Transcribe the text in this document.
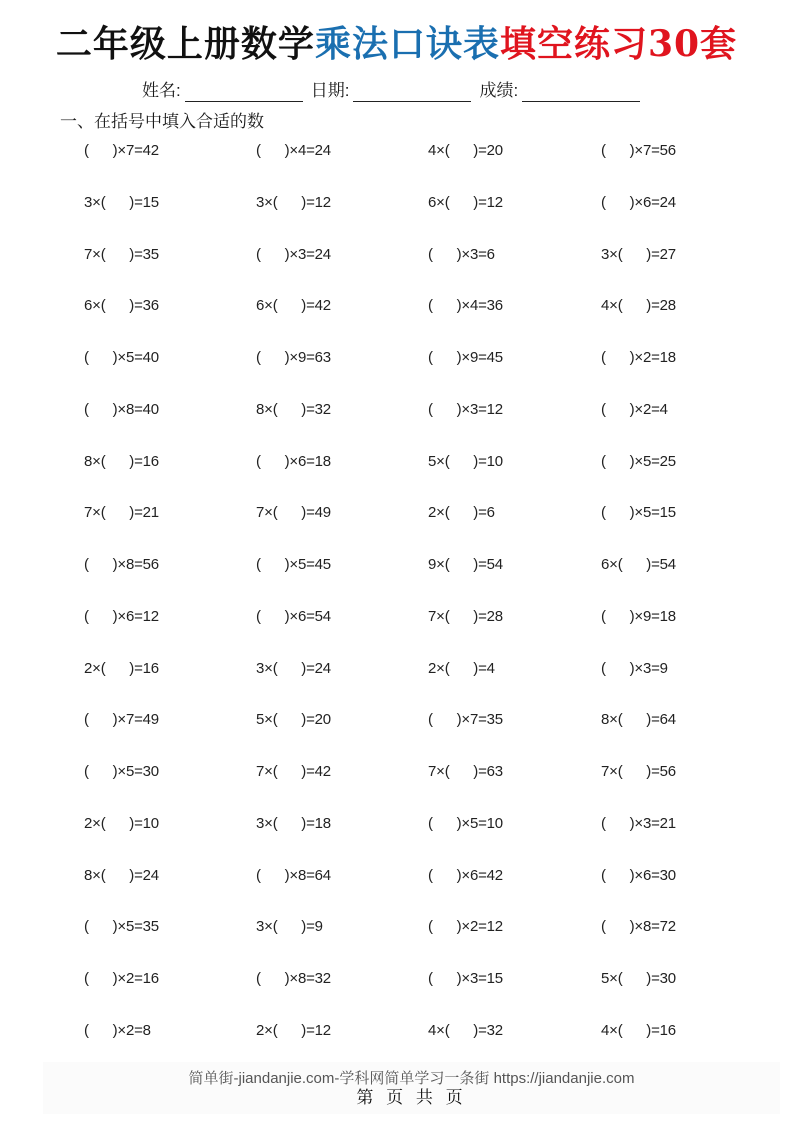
二年级上册数学乘法口诀表填空练习30套
姓名:	日期:	成绩:
一、在括号中填入合适的数
(      )×7=42	(      )×4=24	4×(      )=20	(      )×7=56
3×(      )=15	3×(      )=12	6×(      )=12	(      )×6=24
7×(      )=35	(      )×3=24	(      )×3=6	3×(      )=27
6×(      )=36	6×(      )=42	(      )×4=36	4×(      )=28
(      )×5=40	(      )×9=63	(      )×9=45	(      )×2=18
(      )×8=40	8×(      )=32	(      )×3=12	(      )×2=4
8×(      )=16	(      )×6=18	5×(      )=10	(      )×5=25
7×(      )=21	7×(      )=49	2×(      )=6	(      )×5=15
(      )×8=56	(      )×5=45	9×(      )=54	6×(      )=54
(      )×6=12	(      )×6=54	7×(      )=28	(      )×9=18
2×(      )=16	3×(      )=24	2×(      )=4	(      )×3=9
(      )×7=49	5×(      )=20	(      )×7=35	8×(      )=64
(      )×5=30	7×(      )=42	7×(      )=63	7×(      )=56
2×(      )=10	3×(      )=18	(      )×5=10	(      )×3=21
8×(      )=24	(      )×8=64	(      )×6=42	(      )×6=30
(      )×5=35	3×(      )=9	(      )×2=12	(      )×8=72
(      )×2=16	(      )×8=32	(      )×3=15	5×(      )=30
(      )×2=8	2×(      )=12	4×(      )=32	4×(      )=16
简单街-jiandanjie.com-学科网简单学习一条街 https://jiandanjie.com
第 页 共 页
